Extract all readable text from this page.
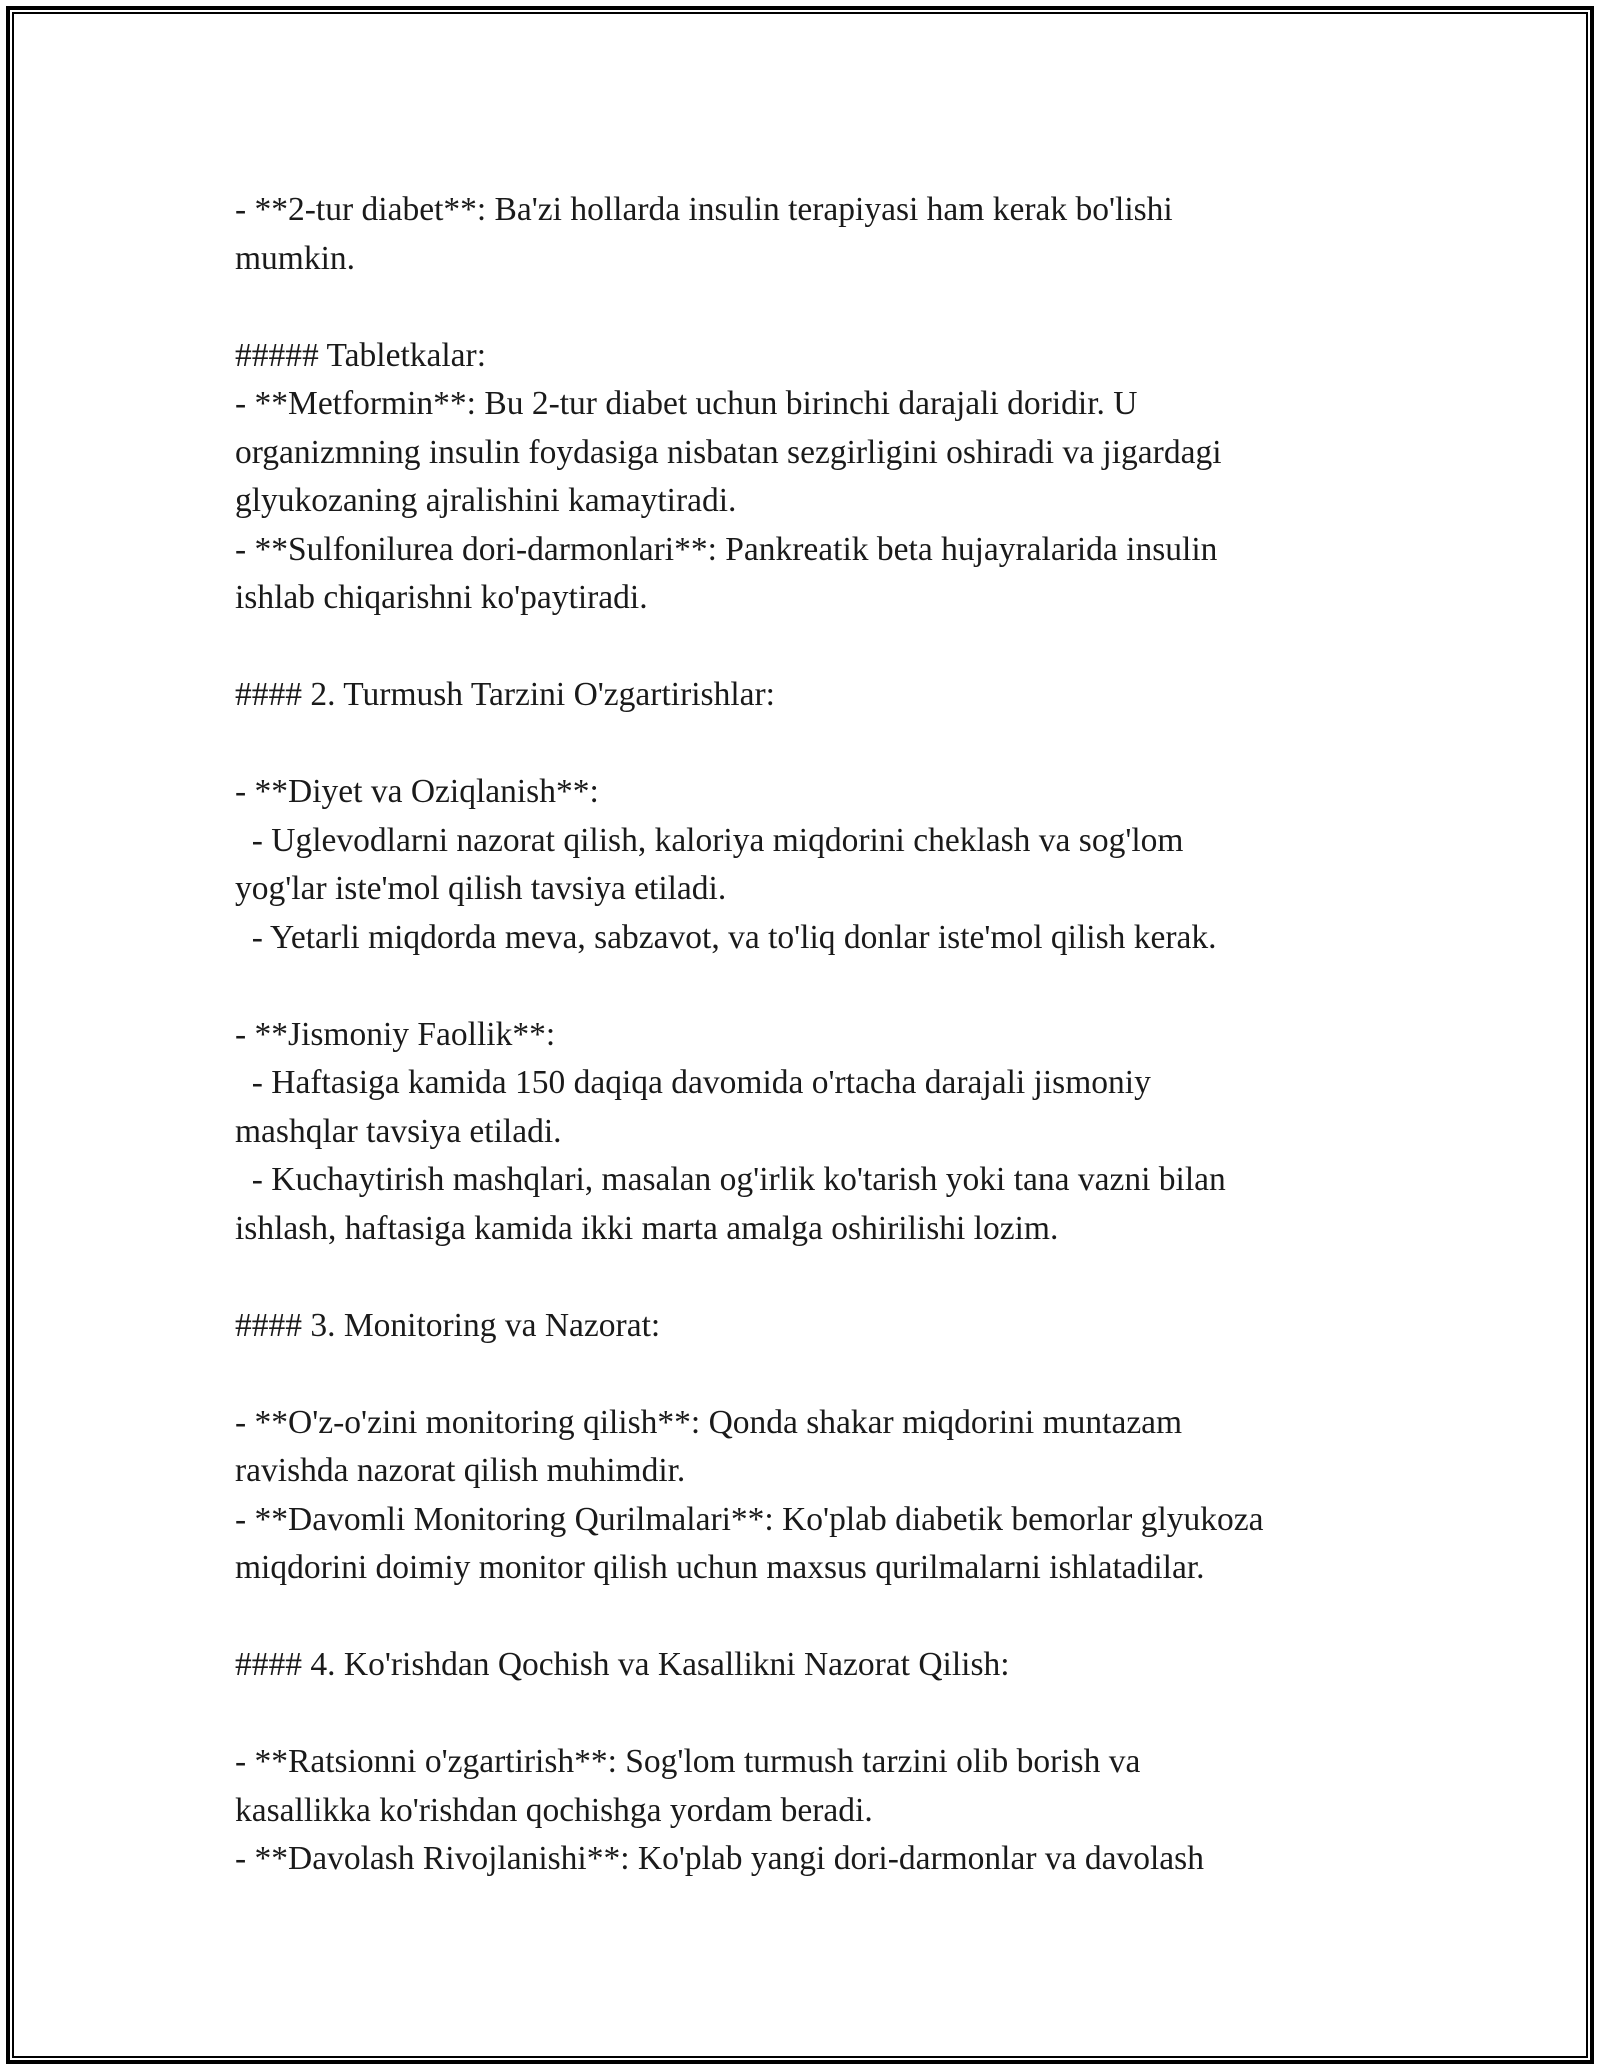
- **2-tur diabet**: Ba'zi hollarda insulin terapiyasi ham kerak bo'lishi
mumkin.
##### Tabletkalar:
- **Metformin**: Bu 2-tur diabet uchun birinchi darajali doridir. U
organizmning insulin foydasiga nisbatan sezgirligini oshiradi va jigardagi
glyukozaning ajralishini kamaytiradi.
- **Sulfonilurea dori-darmonlari**: Pankreatik beta hujayralarida insulin
ishlab chiqarishni ko'paytiradi.
#### 2. Turmush Tarzini O'zgartirishlar:
- **Diyet va Oziqlanish**:
- Uglevodlarni nazorat qilish, kaloriya miqdorini cheklash va sog'lom
yog'lar iste'mol qilish tavsiya etiladi.
- Yetarli miqdorda meva, sabzavot, va to'liq donlar iste'mol qilish kerak.
- **Jismoniy Faollik**:
- Haftasiga kamida 150 daqiqa davomida o'rtacha darajali jismoniy
mashqlar tavsiya etiladi.
- Kuchaytirish mashqlari, masalan og'irlik ko'tarish yoki tana vazni bilan
ishlash, haftasiga kamida ikki marta amalga oshirilishi lozim.
#### 3. Monitoring va Nazorat:
- **O'z-o'zini monitoring qilish**: Qonda shakar miqdorini muntazam
ravishda nazorat qilish muhimdir.
- **Davomli Monitoring Qurilmalari**: Ko'plab diabetik bemorlar glyukoza
miqdorini doimiy monitor qilish uchun maxsus qurilmalarni ishlatadilar.
#### 4. Ko'rishdan Qochish va Kasallikni Nazorat Qilish:
- **Ratsionni o'zgartirish**: Sog'lom turmush tarzini olib borish va
kasallikka ko'rishdan qochishga yordam beradi.
- **Davolash Rivojlanishi**: Ko'plab yangi dori-darmonlar va davolash
